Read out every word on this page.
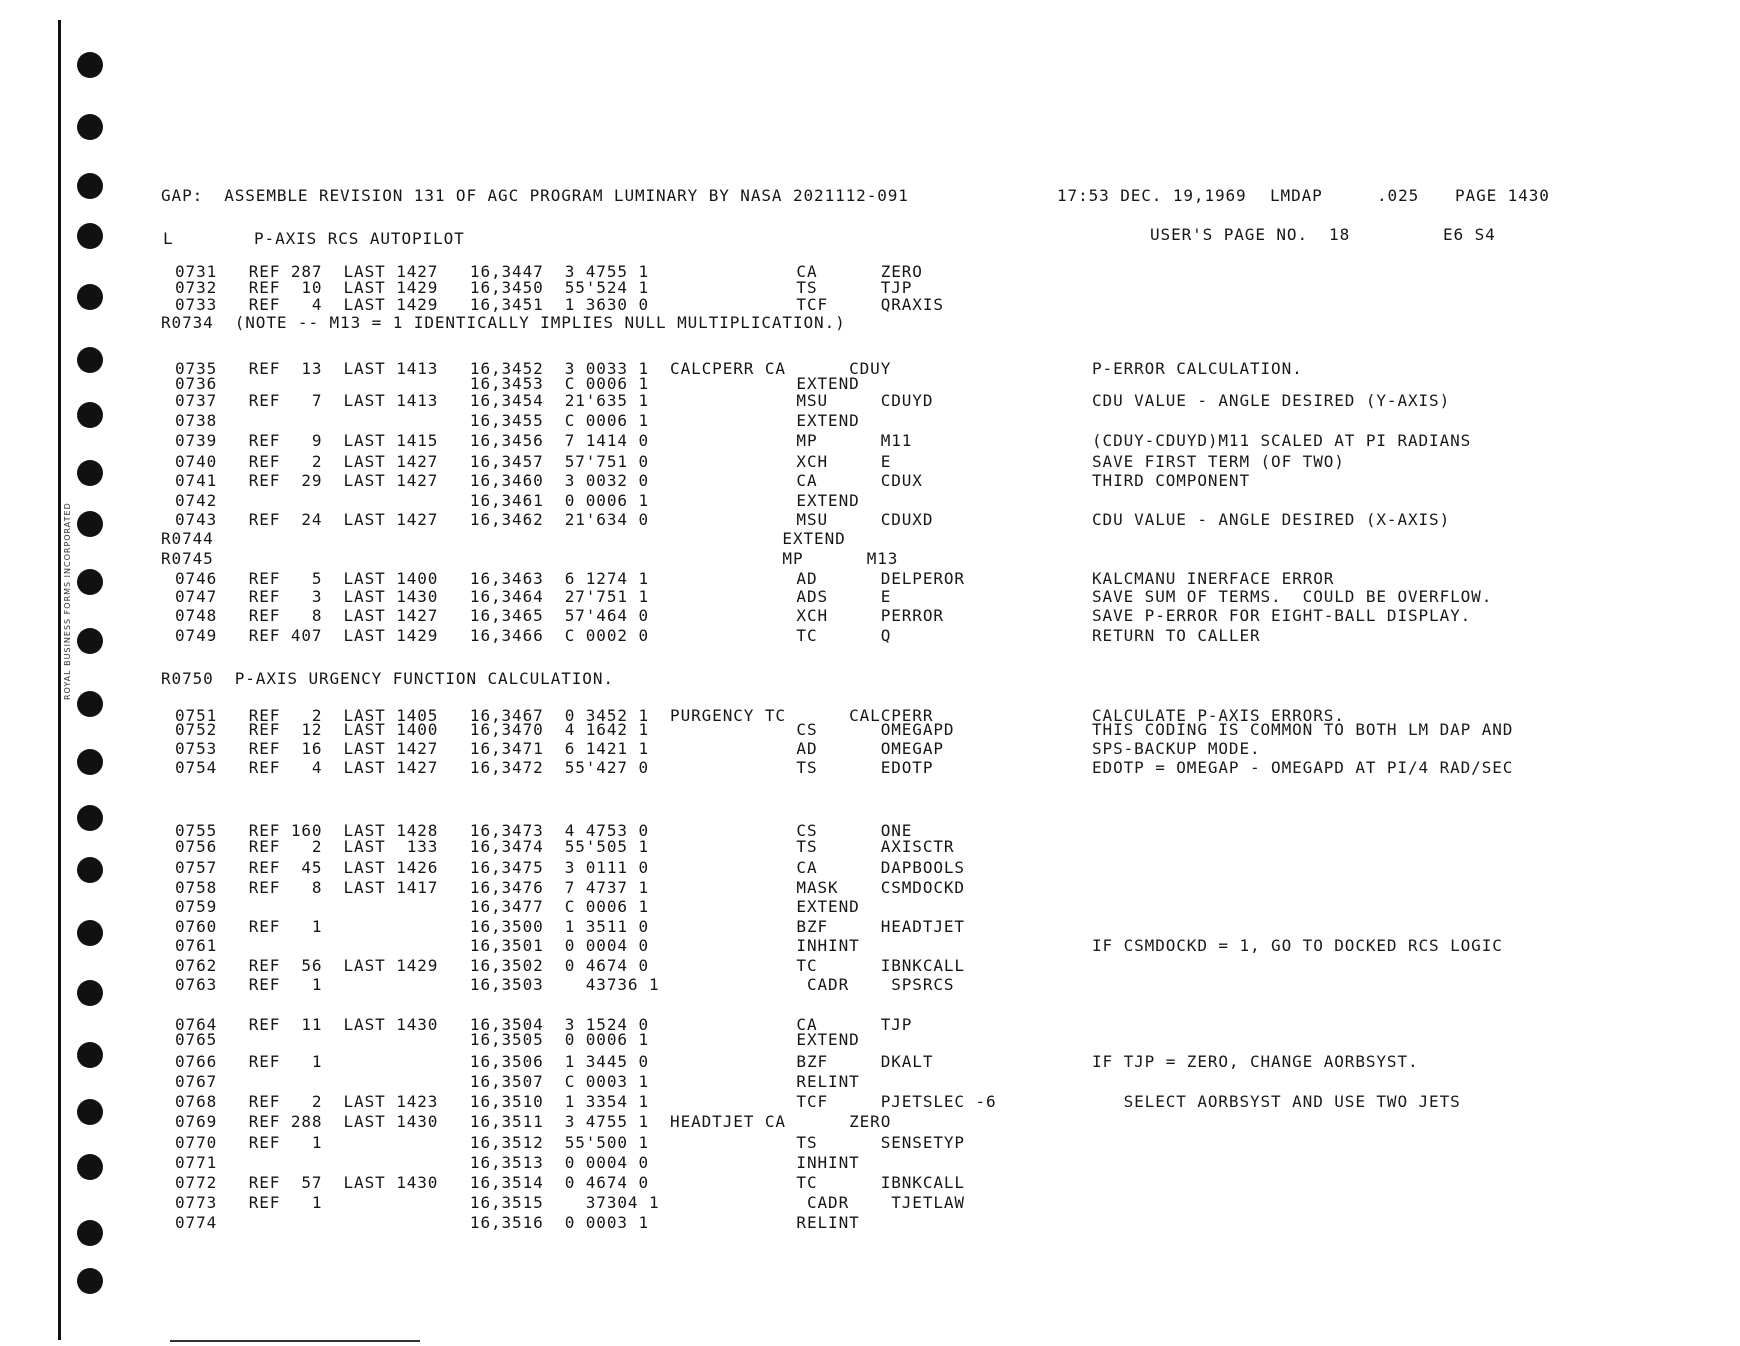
ROYAL BUSINESS FORMS INCORPORATED
GAP:  ASSEMBLE REVISION 131 OF AGC PROGRAM LUMINARY BY NASA 2021112-091	17:53 DEC. 19,1969 LMDAP	.025 PAGE 1430
L	P-AXIS RCS AUTOPILOT	USER'S PAGE NO.  18	E6 S4
0731   REF 287  LAST 1427   16,3447  3 4755 1              CA      ZERO
0732   REF  10  LAST 1429   16,3450  55'524 1              TS      TJP
0733   REF   4  LAST 1429   16,3451  1 3630 0              TCF     QRAXIS
R0734  (NOTE -- M13 = 1 IDENTICALLY IMPLIES NULL MULTIPLICATION.)
0735   REF  13  LAST 1413   16,3452  3 0033 1  CALCPERR CA      CDUY	P-ERROR CALCULATION.
0736                        16,3453  C 0006 1              EXTEND
0737   REF   7  LAST 1413   16,3454  21'635 1              MSU     CDUYD	CDU VALUE - ANGLE DESIRED (Y-AXIS)
0738                        16,3455  C 0006 1              EXTEND
0739   REF   9  LAST 1415   16,3456  7 1414 0              MP      M11	(CDUY-CDUYD)M11 SCALED AT PI RADIANS
0740   REF   2  LAST 1427   16,3457  57'751 0              XCH     E	SAVE FIRST TERM (OF TWO)
0741   REF  29  LAST 1427   16,3460  3 0032 0              CA      CDUX	THIRD COMPONENT
0742                        16,3461  0 0006 1              EXTEND
0743   REF  24  LAST 1427   16,3462  21'634 0              MSU     CDUXD	CDU VALUE - ANGLE DESIRED (X-AXIS)
R0744                                                      EXTEND
R0745                                                      MP      M13
0746   REF   5  LAST 1400   16,3463  6 1274 1              AD      DELPEROR	KALCMANU INERFACE ERROR
0747   REF   3  LAST 1430   16,3464  27'751 1              ADS     E	SAVE SUM OF TERMS.  COULD BE OVERFLOW.
0748   REF   8  LAST 1427   16,3465  57'464 0              XCH     PERROR	SAVE P-ERROR FOR EIGHT-BALL DISPLAY.
0749   REF 407  LAST 1429   16,3466  C 0002 0              TC      Q	RETURN TO CALLER
R0750  P-AXIS URGENCY FUNCTION CALCULATION.
0751   REF   2  LAST 1405   16,3467  0 3452 1  PURGENCY TC      CALCPERR	CALCULATE P-AXIS ERRORS.
0752   REF  12  LAST 1400   16,3470  4 1642 1              CS      OMEGAPD	THIS CODING IS COMMON TO BOTH LM DAP AND
0753   REF  16  LAST 1427   16,3471  6 1421 1              AD      OMEGAP	SPS-BACKUP MODE.
0754   REF   4  LAST 1427   16,3472  55'427 0              TS      EDOTP	EDOTP = OMEGAP - OMEGAPD AT PI/4 RAD/SEC
0755   REF 160  LAST 1428   16,3473  4 4753 0              CS      ONE
0756   REF   2  LAST  133   16,3474  55'505 1              TS      AXISCTR
0757   REF  45  LAST 1426   16,3475  3 0111 0              CA      DAPBOOLS
0758   REF   8  LAST 1417   16,3476  7 4737 1              MASK    CSMDOCKD
0759                        16,3477  C 0006 1              EXTEND
0760   REF   1              16,3500  1 3511 0              BZF     HEADTJET
0761                        16,3501  0 0004 0              INHINT	IF CSMDOCKD = 1, GO TO DOCKED RCS LOGIC
0762   REF  56  LAST 1429   16,3502  0 4674 0              TC      IBNKCALL
0763   REF   1              16,3503    43736 1              CADR    SPSRCS
0764   REF  11  LAST 1430   16,3504  3 1524 0              CA      TJP
0765                        16,3505  0 0006 1              EXTEND
0766   REF   1              16,3506  1 3445 0              BZF     DKALT	IF TJP = ZERO, CHANGE AORBSYST.
0767                        16,3507  C 0003 1              RELINT
0768   REF   2  LAST 1423   16,3510  1 3354 1              TCF     PJETSLEC -6	SELECT AORBSYST AND USE TWO JETS
0769   REF 288  LAST 1430   16,3511  3 4755 1  HEADTJET CA      ZERO
0770   REF   1              16,3512  55'500 1              TS      SENSETYP
0771                        16,3513  0 0004 0              INHINT
0772   REF  57  LAST 1430   16,3514  0 4674 0              TC      IBNKCALL
0773   REF   1              16,3515    37304 1              CADR    TJETLAW
0774                        16,3516  0 0003 1              RELINT
